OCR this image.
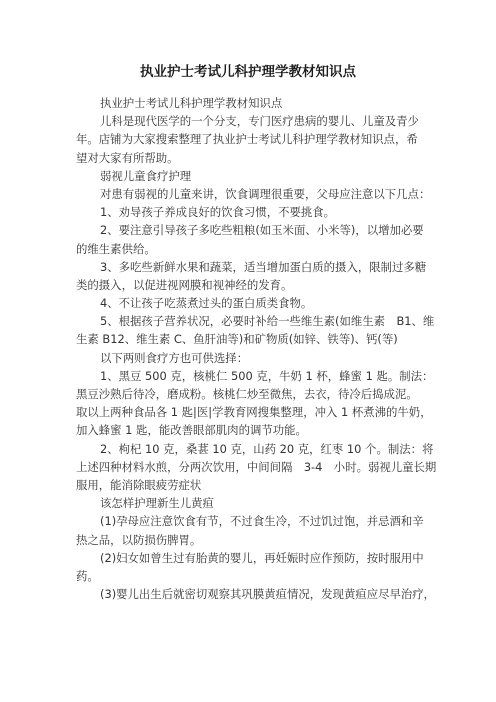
执业护士考试儿科护理学教材知识点
执业护士考试儿科护理学教材知识点
儿科是现代医学的一个分支，专门医疗患病的婴儿、儿童及青少
年。店铺为大家搜索整理了执业护士考试儿科护理学教材知识点，希
望对大家有所帮助。
弱视儿童食疗护理
对患有弱视的儿童来讲，饮食调理很重要，父母应注意以下几点：
1、劝导孩子养成良好的饮食习惯，不要挑食。
2、要注意引导孩子多吃些粗粮(如玉米面、小米等)，以增加必要
的维生素供给。
3、多吃些新鲜水果和蔬菜，适当增加蛋白质的摄入，限制过多糖
类的摄入，以促进视网膜和视神经的发育。
4、不让孩子吃蒸煮过头的蛋白质类食物。
5、根据孩子营养状况，必要时补给一些维生素(如维生素　B1、维
生素 B12、维生素 C、鱼肝油等)和矿物质(如锌、铁等)、钙(等)
以下两则食疗方也可供选择：
1、黑豆 500 克，核桃仁 500 克，牛奶 1 杯，蜂蜜 1 匙。制法：
黑豆沙熟后待冷，磨成粉。核桃仁炒至微焦，去衣，待冷后捣成泥。
取以上两种食品各 1 匙|医|学教育网搜集整理，冲入 1 杯煮沸的牛奶，
加入蜂蜜 1 匙，能改善眼部肌肉的调节功能。
2、枸杞 10 克，桑葚 10 克，山药 20 克，红枣 10 个。制法：将
上述四种材料水煎，分两次饮用，中间间隔　3-4　小时。弱视儿童长期
服用，能消除眼疲劳症状
该怎样护理新生儿黄疸
(1)孕母应注意饮食有节，不过食生冷，不过饥过饱，并忌酒和辛
热之品，以防损伤脾胃。
(2)妇女如曾生过有胎黄的婴儿，再妊娠时应作预防，按时服用中
药。
(3)婴儿出生后就密切观察其巩膜黄疸情况，发现黄疸应尽早治疗，
